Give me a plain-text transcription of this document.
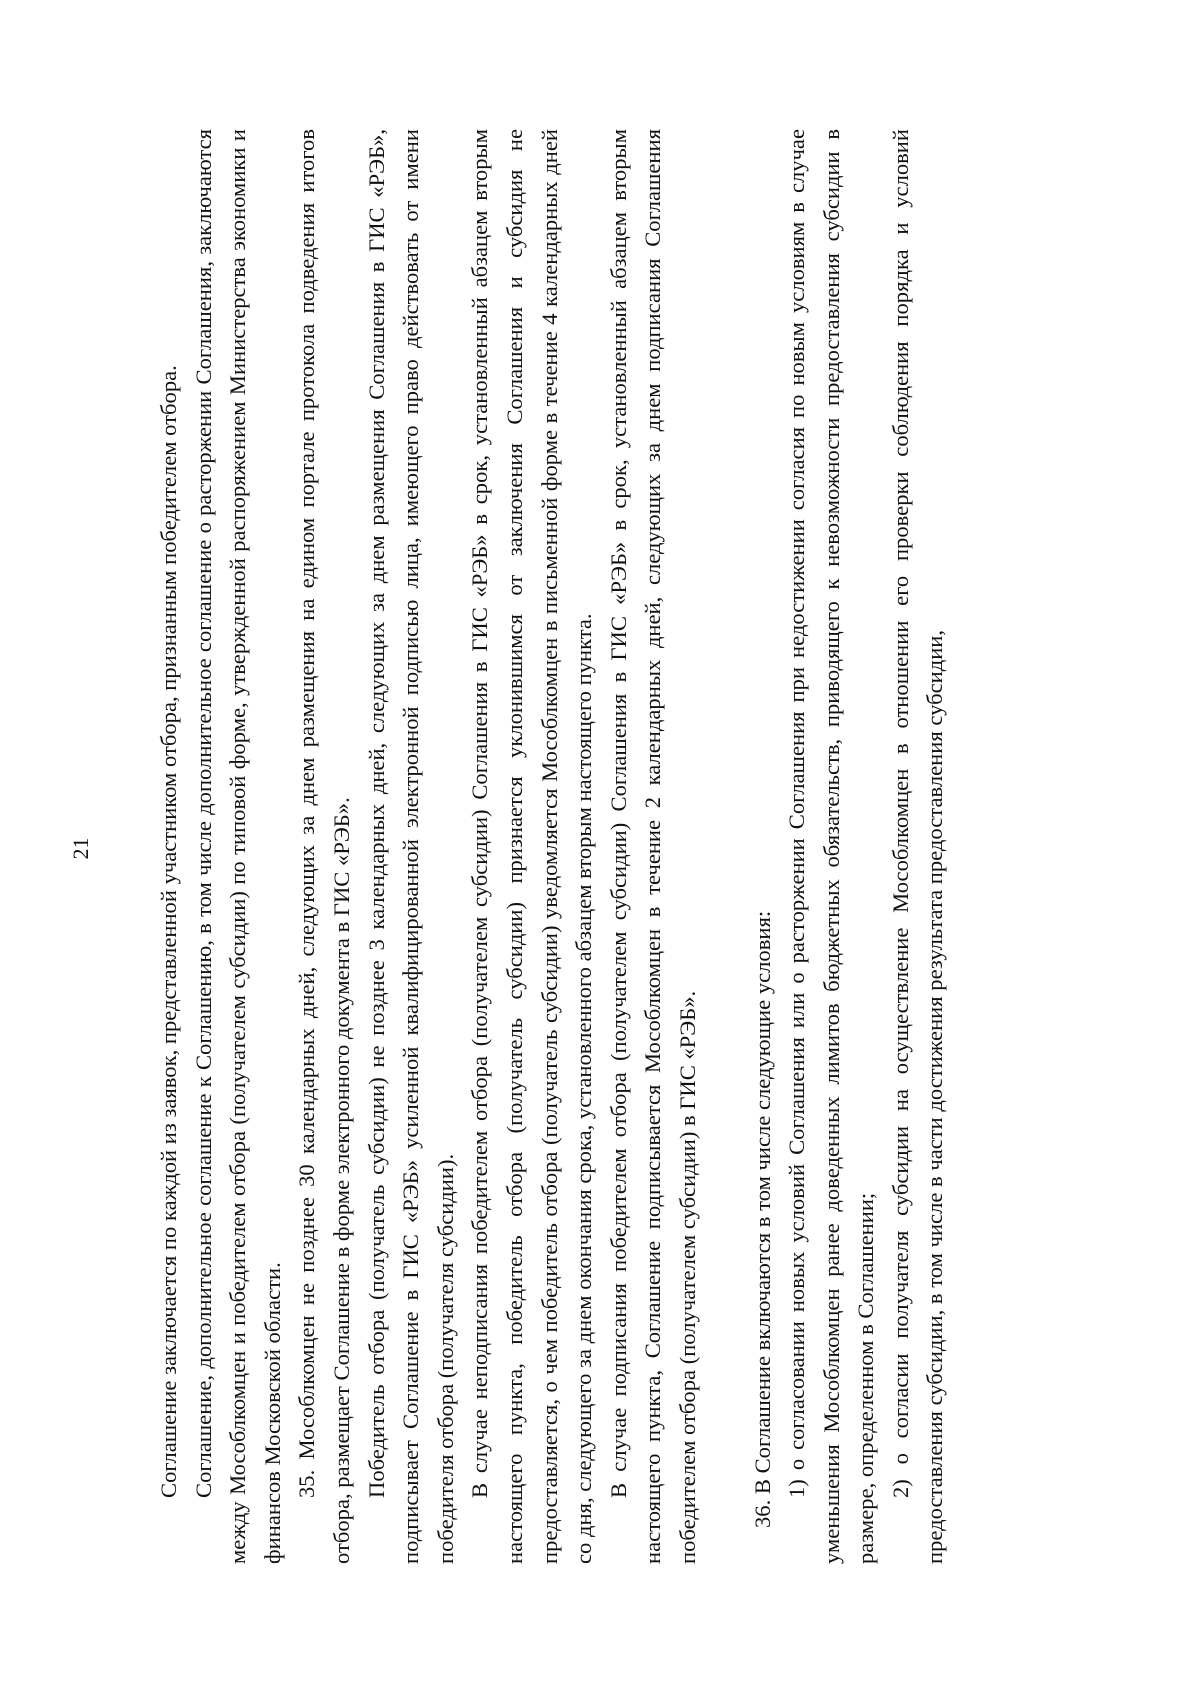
21	Соглашение заключается по каждой из заявок, представленной участником отбора, признанным победителем отбора. Соглашение, дополнительное соглашение к Соглашению, в том числе дополнительное соглашение о расторжении Соглашения, заключаются между Мособлкомцен и победителем отбора (получателем субсидии) по типовой форме, утвержденной распоряжением Министерства экономики и финансов Московской области. 35. Мособлкомцен не позднее 30 календарных дней, следующих за днем размещения на едином портале протокола подведения итогов отбора, размещает Соглашение в форме электронного документа в ГИС «РЭБ». Победитель отбора (получатель субсидии) не позднее 3 календарных дней, следующих за днем размещения Соглашения в ГИС «РЭБ», подписывает Соглашение в ГИС «РЭБ» усиленной квалифицированной электронной подписью лица, имеющего право действовать от имени победителя отбора (получателя субсидии). В случае неподписания победителем отбора (получателем субсидии) Соглашения в ГИС «РЭБ» в срок, установленный абзацем вторым настоящего пункта, победитель отбора (получатель субсидии) признается уклонившимся от заключения Соглашения и субсидия не предоставляется, о чем победитель отбора (получатель субсидии) уведомляется Мособлкомцен в письменной форме в течение 4 календарных дней со дня, следующего за днем окончания срока, установленного абзацем вторым настоящего пункта. В случае подписания победителем отбора (получателем субсидии) Соглашения в ГИС «РЭБ» в срок, установленный абзацем вторым настоящего пункта, Соглашение подписывается Мособлкомцен в течение 2 календарных дней, следующих за днем подписания Соглашения победителем отбора (получателем субсидии) в ГИС «РЭБ». 36. В Соглашение включаются в том числе следующие условия: 1) о согласовании новых условий Соглашения или о расторжении Соглашения при недостижении согласия по новым условиям в случае уменьшения Мособлкомцен ранее доведенных лимитов бюджетных обязательств, приводящего к невозможности предоставления субсидии в размере, определенном в Соглашении; 2) о согласии получателя субсидии на осуществление Мособлкомцен в отношении его проверки соблюдения порядка и условий предоставления субсидии, в том числе в части достижения результата предоставления субсидии,
